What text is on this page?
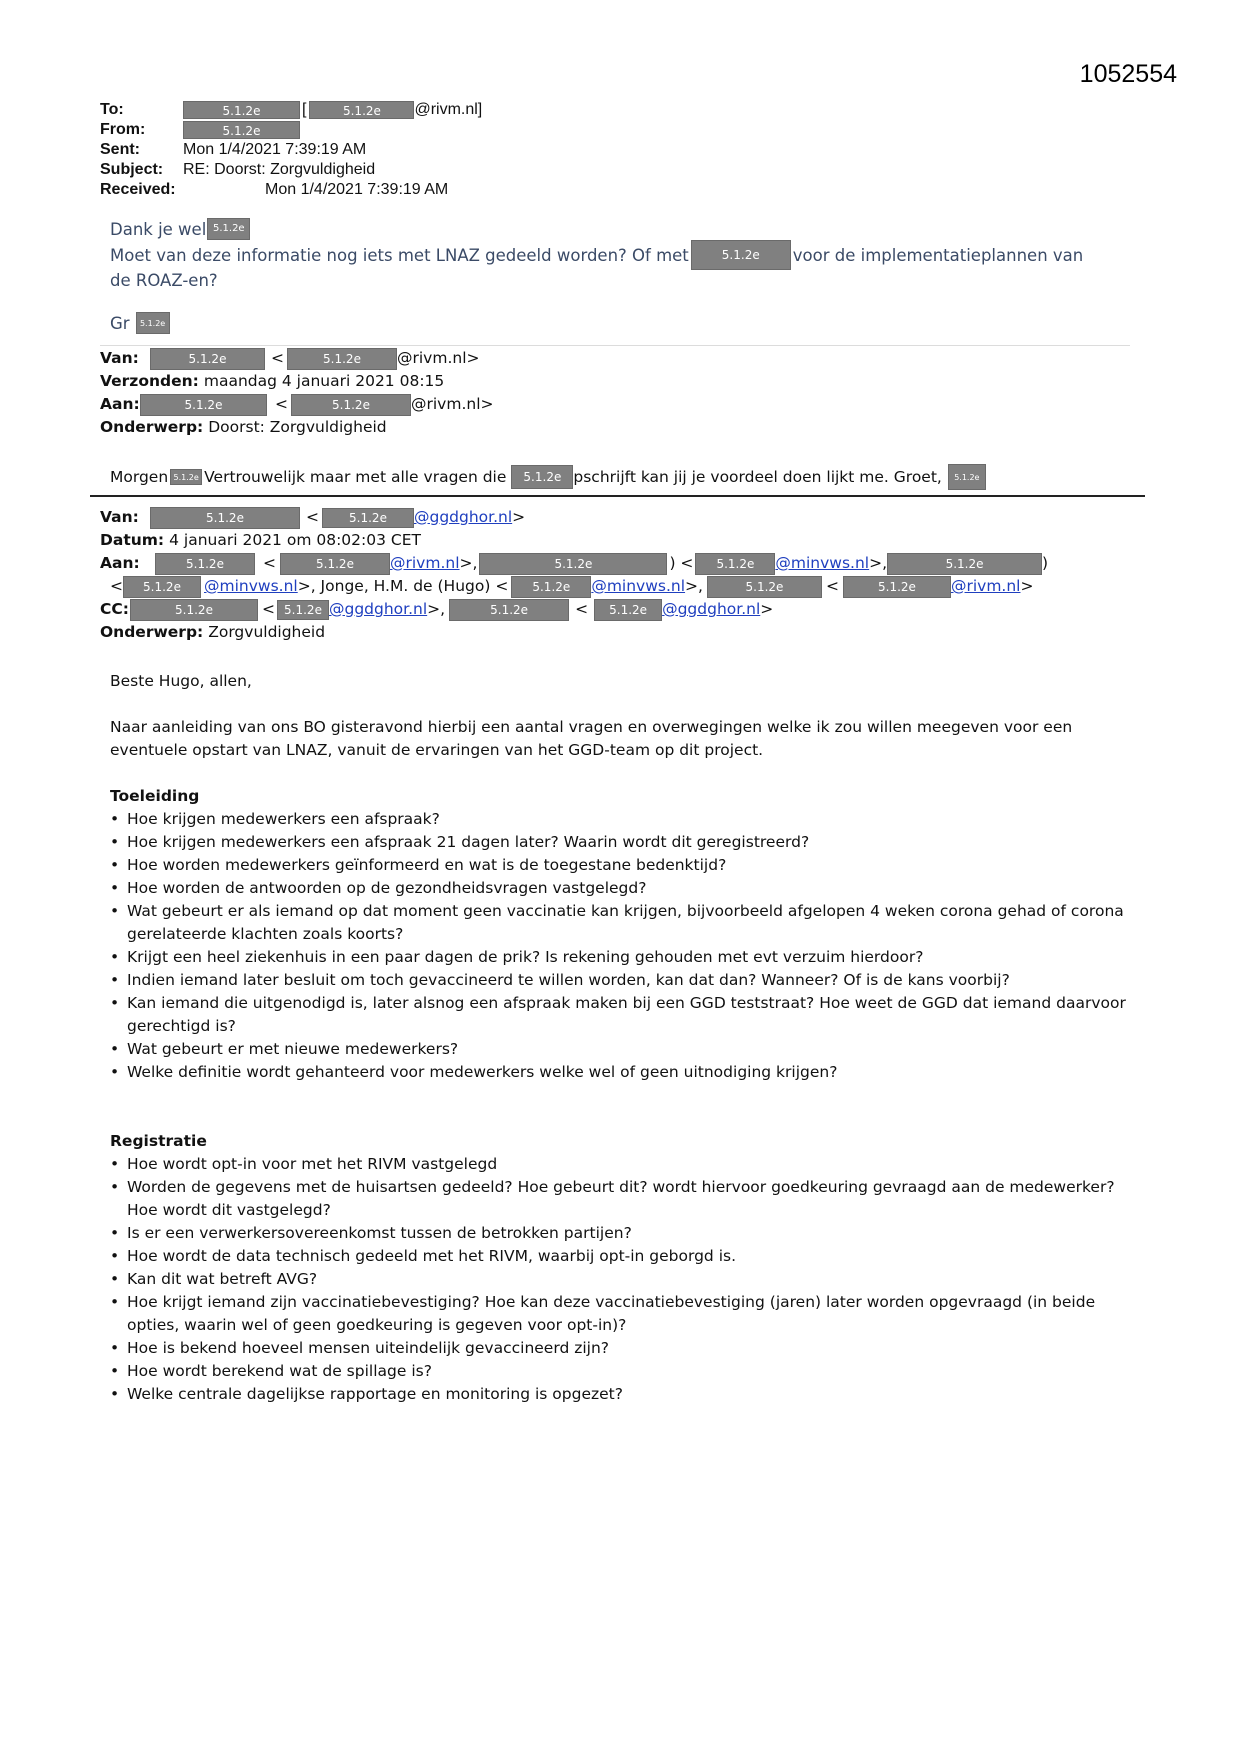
1052554
To:	5.1.2e	[	5.1.2e	@rivm.nl]
From:	5.1.2e
Sent:	Mon 1/4/2021 7:39:19 AM
Subject:	RE: Doorst: Zorgvuldigheid
Received:	Mon 1/4/2021 7:39:19 AM

Dank je wel 5.1.2e

Moet van deze informatie nog iets met LNAZ gedeeld worden? Of met	5.1.2e	voor de implementatieplannen van

de ROAZ-en?

Gr	5.1.2e

Van:	5.1.2e	<	5.1.2e	@rivm.nl>
Verzonden: maandag 4 januari 2021 08:15
Aan:	5.1.2e	<	5.1.2e	@rivm.nl>
Onderwerp: Doorst: Zorgvuldigheid
Morgen 5.1.2e Vertrouwelijk maar met alle vragen die	5.1.2e pschrijft kan jij je voordeel doen lijkt me. Groet,	5.1.2e
Van:	5.1.2e	<	5.1.2e	@ggdghor.nl >
Datum: 4 januari 2021 om 08:02:03 CET
Aan:	5.1.2e	<	5.1.2e	@rivm.nl >,	5.1.2e	) <	5.1.2e	@minvws.nl >,	5.1.2e	)
<	5.1.2e	@minvws.nl >, Jonge, H.M. de (Hugo) <	5.1.2e	@minvws.nl >,	5.1.2e	<	5.1.2e	@rivm.nl >
CC:	5.1.2e	< 5.1.2e @ggdghor.nl >,	5.1.2e	<	5.1.2e @ggdghor.nl >
Onderwerp: Zorgvuldigheid

Beste Hugo, allen,

Naar aanleiding van ons BO gisteravond hierbij een aantal vragen en overwegingen welke ik zou willen meegeven voor een eventuele opstart van LNAZ, vanuit de ervaringen van het GGD-team op dit project.

Toeleiding

• Hoe krijgen medewerkers een afspraak?
• Hoe krijgen medewerkers een afspraak 21 dagen later? Waarin wordt dit geregistreerd?
• Hoe worden medewerkers geïnformeerd en wat is de toegestane bedenktijd?
• Hoe worden de antwoorden op de gezondheidsvragen vastgelegd?
• Wat gebeurt er als iemand op dat moment geen vaccinatie kan krijgen, bijvoorbeeld afgelopen 4 weken corona gehad of corona gerelateerde klachten zoals koorts?
• Krijgt een heel ziekenhuis in een paar dagen de prik? Is rekening gehouden met evt verzuim hierdoor?
• Indien iemand later besluit om toch gevaccineerd te willen worden, kan dat dan? Wanneer? Of is de kans voorbij?
• Kan iemand die uitgenodigd is, later alsnog een afspraak maken bij een GGD teststraat? Hoe weet de GGD dat iemand daarvoor gerechtigd is?
• Wat gebeurt er met nieuwe medewerkers?
• Welke definitie wordt gehanteerd voor medewerkers welke wel of geen uitnodiging krijgen?

Registratie

• Hoe wordt opt-in voor met het RIVM vastgelegd
• Worden de gegevens met de huisartsen gedeeld? Hoe gebeurt dit? wordt hiervoor goedkeuring gevraagd aan de medewerker? Hoe wordt dit vastgelegd?
• Is er een verwerkersovereenkomst tussen de betrokken partijen?
• Hoe wordt de data technisch gedeeld met het RIVM, waarbij opt-in geborgd is.
• Kan dit wat betreft AVG?
• Hoe krijgt iemand zijn vaccinatiebevestiging? Hoe kan deze vaccinatiebevestiging (jaren) later worden opgevraagd (in beide opties, waarin wel of geen goedkeuring is gegeven voor opt-in)?
• Hoe is bekend hoeveel mensen uiteindelijk gevaccineerd zijn?
• Hoe wordt berekend wat de spillage is?
• Welke centrale dagelijkse rapportage en monitoring is opgezet?
